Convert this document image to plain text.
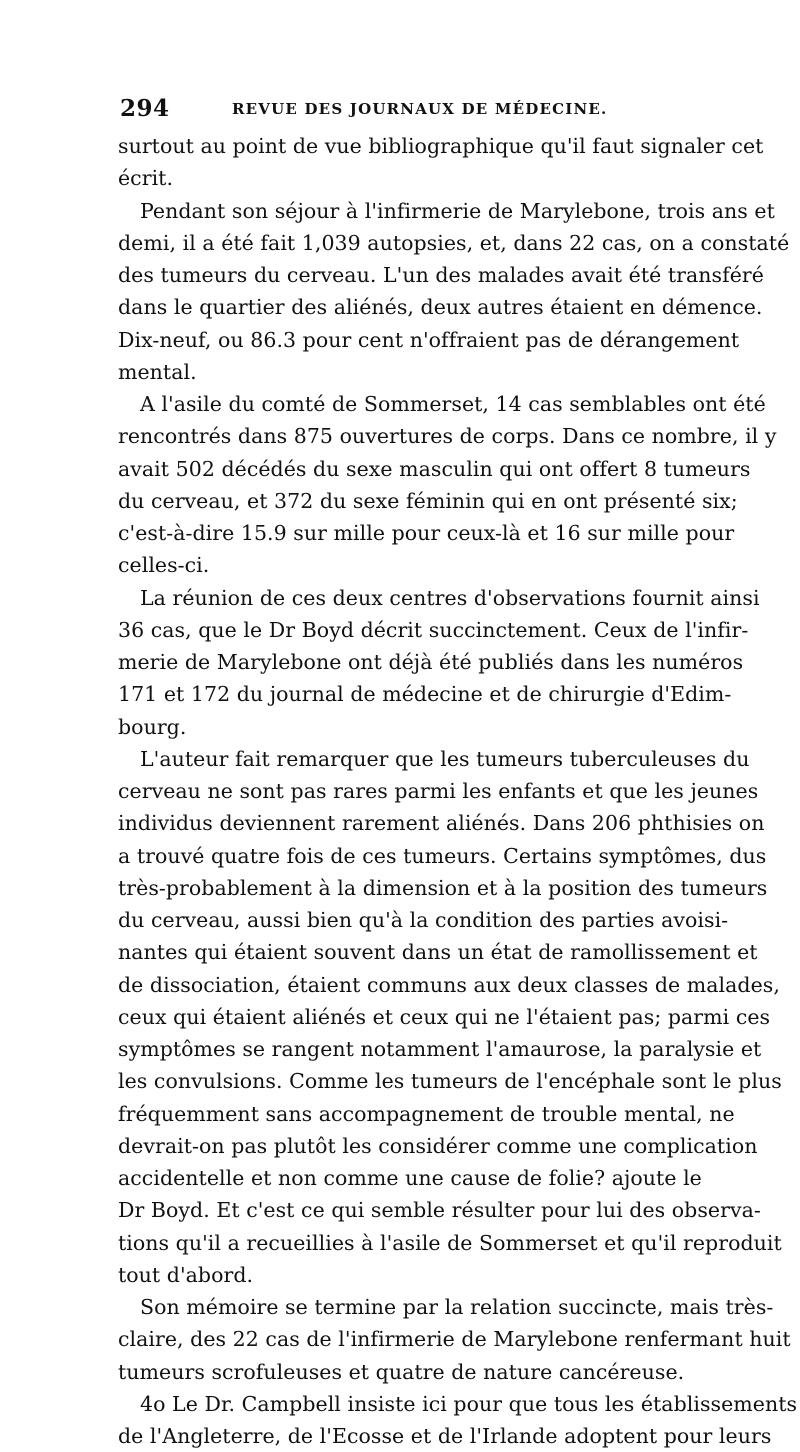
294	REVUE DES JOURNAUX DE MÉDECINE.
surtout au point de vue bibliographique qu'il faut signaler cet
écrit.
Pendant son séjour à l'infirmerie de Marylebone, trois ans et
demi, il a été fait 1,039 autopsies, et, dans 22 cas, on a constaté
des tumeurs du cerveau. L'un des malades avait été transféré
dans le quartier des aliénés, deux autres étaient en démence.
Dix-neuf, ou 86.3 pour cent n'offraient pas de dérangement
mental.
A l'asile du comté de Sommerset, 14 cas semblables ont été
rencontrés dans 875 ouvertures de corps. Dans ce nombre, il y
avait 502 décédés du sexe masculin qui ont offert 8 tumeurs
du cerveau, et 372 du sexe féminin qui en ont présenté six;
c'est-à-dire 15.9 sur mille pour ceux-là et 16 sur mille pour
celles-ci.
La réunion de ces deux centres d'observations fournit ainsi
36 cas, que le Dr Boyd décrit succinctement. Ceux de l'infir-
merie de Marylebone ont déjà été publiés dans les numéros
171 et 172 du journal de médecine et de chirurgie d'Edim-
bourg.
L'auteur fait remarquer que les tumeurs tuberculeuses du
cerveau ne sont pas rares parmi les enfants et que les jeunes
individus deviennent rarement aliénés. Dans 206 phthisies on
a trouvé quatre fois de ces tumeurs. Certains symptômes, dus
très-probablement à la dimension et à la position des tumeurs
du cerveau, aussi bien qu'à la condition des parties avoisi-
nantes qui étaient souvent dans un état de ramollissement et
de dissociation, étaient communs aux deux classes de malades,
ceux qui étaient aliénés et ceux qui ne l'étaient pas; parmi ces
symptômes se rangent notamment l'amaurose, la paralysie et
les convulsions. Comme les tumeurs de l'encéphale sont le plus
fréquemment sans accompagnement de trouble mental, ne
devrait-on pas plutôt les considérer comme une complication
accidentelle et non comme une cause de folie? ajoute le
Dr Boyd. Et c'est ce qui semble résulter pour lui des observa-
tions qu'il a recueillies à l'asile de Sommerset et qu'il reproduit
tout d'abord.
Son mémoire se termine par la relation succincte, mais très-
claire, des 22 cas de l'infirmerie de Marylebone renfermant huit
tumeurs scrofuleuses et quatre de nature cancéreuse.
4o Le Dr. Campbell insiste ici pour que tous les établissements
de l'Angleterre, de l'Ecosse et de l'Irlande adoptent pour leurs
